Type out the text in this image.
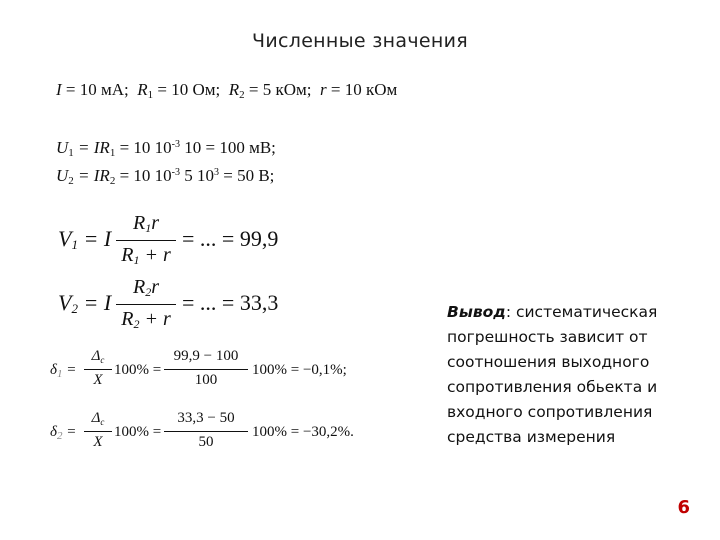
Численные значения
I = 10 мА; $R_1 = 10$ Ом; $R_2 = 5$ кОм; r = 10 кОм
$U_1 = IR_1 = 10$ $10^{-3}$ 10 = 100 мВ;
$U_2 = IR_2 = 10$ $10^{-3}$ 5 $10^3 = 50$ В;
$V_1 = I$
$R_1r$
$R_1 + r$
= ... = 99,9
$V_2 = I$
$R_2r$
$R_2 + r$
= ... = 33,3
$\delta_1$ =
$\Delta_c$
X
100% =
99,9 − 100
100
100% = −0,1%;
$\delta_2$ =
$\Delta_c$
X
100% =
33,3 − 50
50
100% = −30,2%.
Вывод: систематическая погрешность зависит от соотношения выходного сопротивления обьекта и входного сопротивления средства измерения
6
